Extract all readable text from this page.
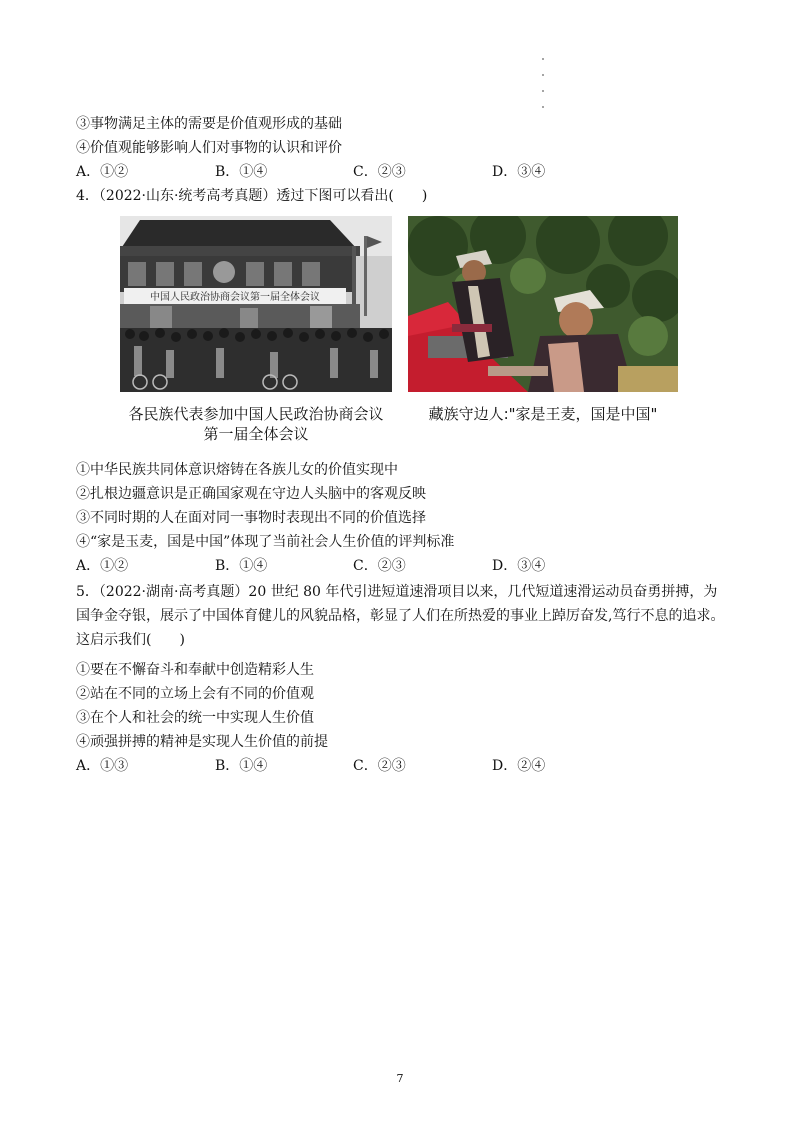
③事物满足主体的需要是价值观形成的基础
④价值观能够影响人们对事物的认识和评价
A．①②	B．①④	C．②③	D．③④
4．（2022·山东·统考高考真题）透过下图可以看出(　　)
中国人民政治协商会议第一届全体会议
各民族代表参加中国人民政治协商会议
第一届全体会议
藏族守边人:"家是王麦，国是中国"
①中华民族共同体意识熔铸在各族儿女的价值实现中
②扎根边疆意识是正确国家观在守边人头脑中的客观反映
③不同时期的人在面对同一事物时表现出不同的价值选择
④“家是玉麦，国是中国”体现了当前社会人生价值的评判标准
A．①②	B．①④	C．②③	D．③④
5．（2022·湖南·高考真题）20 世纪 80 年代引进短道速滑项目以来，几代短道速滑运动员奋勇拼搏，为国争金夺银，展示了中国体育健儿的风貌品格，彰显了人们在所热爱的事业上踔厉奋发,笃行不息的追求。这启示我们(　　)
①要在不懈奋斗和奉献中创造精彩人生
②站在不同的立场上会有不同的价值观
③在个人和社会的统一中实现人生价值
④顽强拼搏的精神是实现人生价值的前提
A．①③	B．①④	C．②③	D．②④
7
